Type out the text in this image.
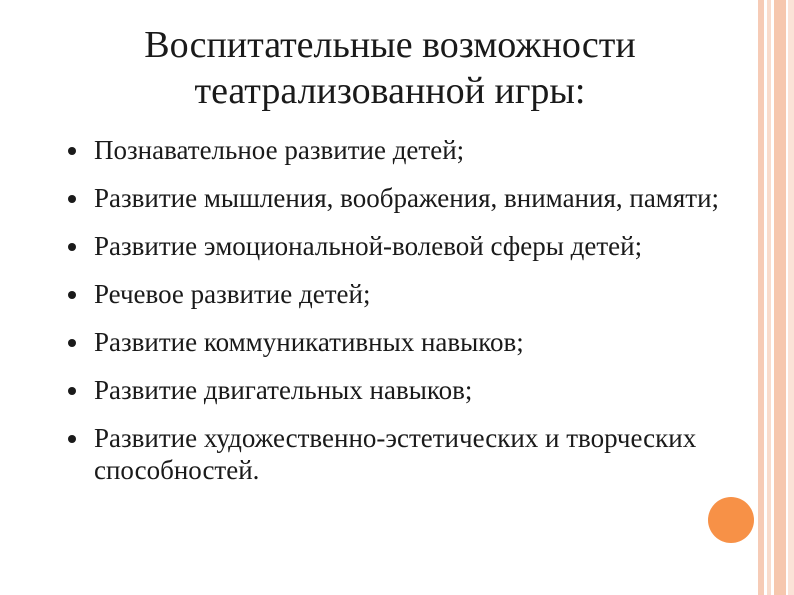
Воспитательные возможности
театрализованной игры:
Познавательное развитие детей;
Развитие мышления, воображения, внимания, памяти;
Развитие эмоциональной-волевой сферы детей;
Речевое развитие детей;
Развитие коммуникативных навыков;
Развитие двигательных навыков;
Развитие художественно-эстетических и творческих способностей.
